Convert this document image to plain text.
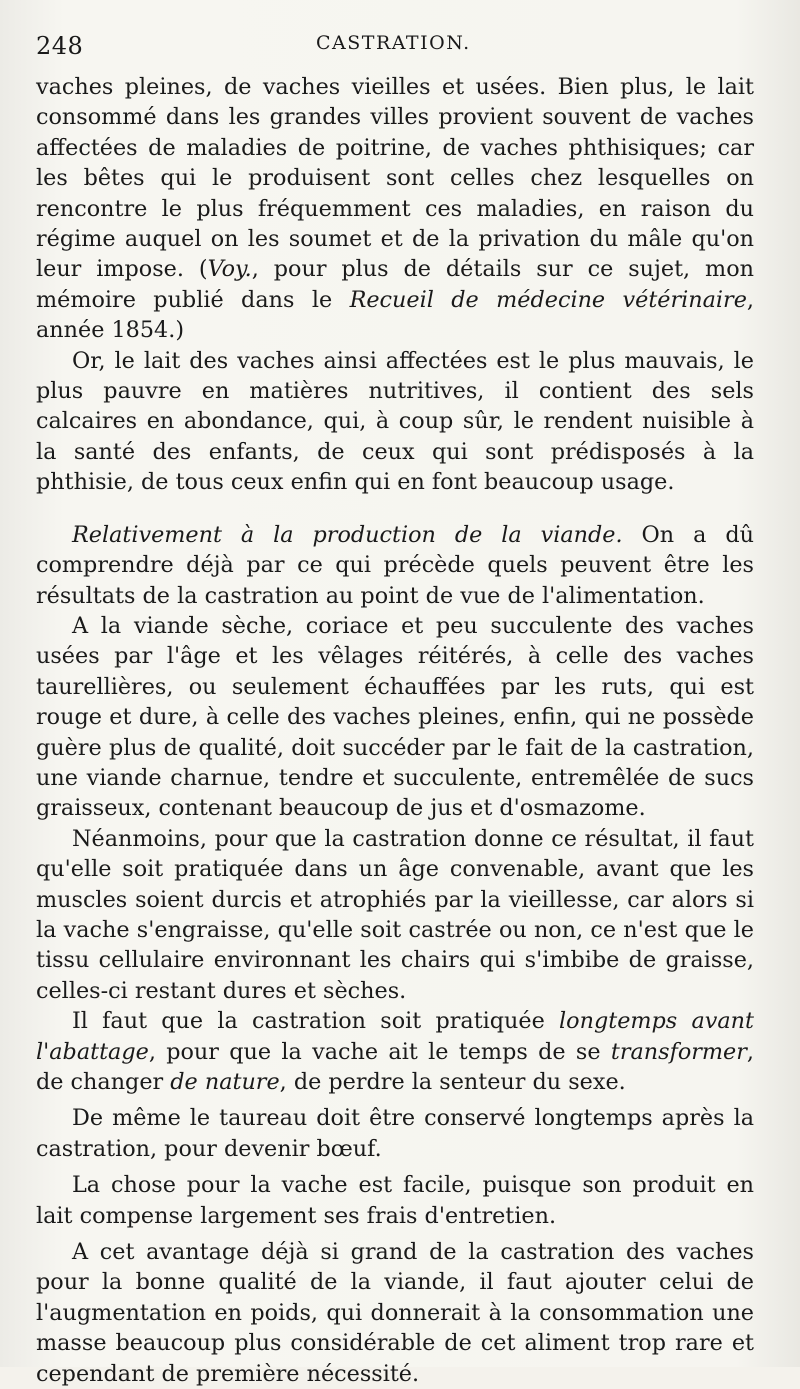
248	CASTRATION.

vaches pleines, de vaches vieilles et usées. Bien plus, le lait consommé dans les grandes villes provient souvent de vaches affectées de maladies de poitrine, de vaches phthisiques; car les bêtes qui le produisent sont celles chez lesquelles on rencontre le plus fréquemment ces maladies, en raison du régime auquel on les soumet et de la privation du mâle qu'on leur impose. (Voy., pour plus de détails sur ce sujet, mon mémoire publié dans le Recueil de médecine vétérinaire, année 1854.)

Or, le lait des vaches ainsi affectées est le plus mauvais, le plus pauvre en matières nutritives, il contient des sels calcaires en abondance, qui, à coup sûr, le rendent nuisible à la santé des enfants, de ceux qui sont prédisposés à la phthisie, de tous ceux enfin qui en font beaucoup usage.

Relativement à la production de la viande. On a dû comprendre déjà par ce qui précède quels peuvent être les résultats de la castration au point de vue de l'alimentation.

A la viande sèche, coriace et peu succulente des vaches usées par l'âge et les vêlages réitérés, à celle des vaches taurellières, ou seulement échauffées par les ruts, qui est rouge et dure, à celle des vaches pleines, enfin, qui ne possède guère plus de qualité, doit succéder par le fait de la castration, une viande charnue, tendre et succulente, entremêlée de sucs graisseux, contenant beaucoup de jus et d'osmazome.

Néanmoins, pour que la castration donne ce résultat, il faut qu'elle soit pratiquée dans un âge convenable, avant que les muscles soient durcis et atrophiés par la vieillesse, car alors si la vache s'engraisse, qu'elle soit castrée ou non, ce n'est que le tissu cellulaire environnant les chairs qui s'imbibe de graisse, celles-ci restant dures et sèches.

Il faut que la castration soit pratiquée longtemps avant l'abattage, pour que la vache ait le temps de se transformer, de changer de nature, de perdre la senteur du sexe.

De même le taureau doit être conservé longtemps après la castration, pour devenir bœuf.

La chose pour la vache est facile, puisque son produit en lait compense largement ses frais d'entretien.

A cet avantage déjà si grand de la castration des vaches pour la bonne qualité de la viande, il faut ajouter celui de l'augmentation en poids, qui donnerait à la consommation une masse beaucoup plus considérable de cet aliment trop rare et cependant de première nécessité.
